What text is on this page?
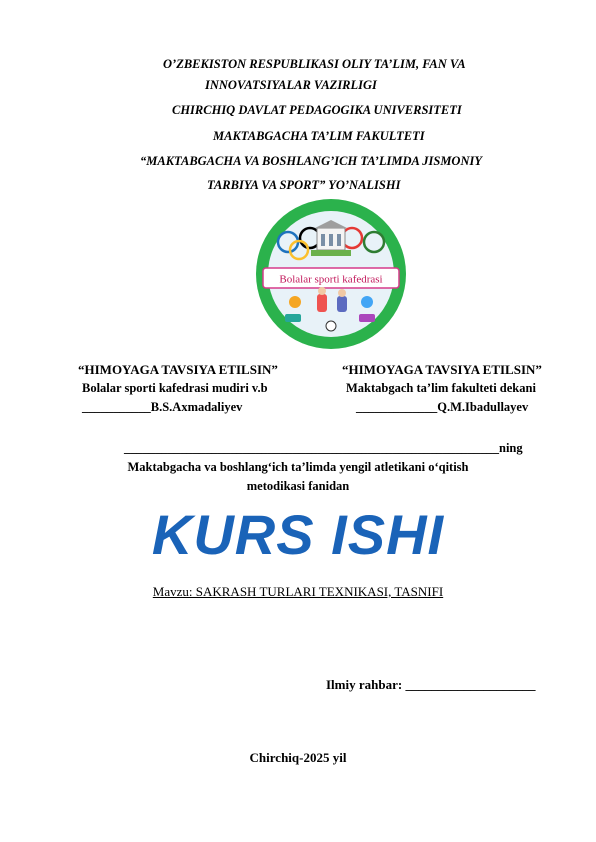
O’ZBEKISTON RESPUBLIKASI OLIY TA’LIM, FAN VA
INNOVATSIYALAR VAZIRLIGI
CHIRCHIQ DAVLAT PEDAGOGIKA UNIVERSITETI
MAKTABGACHA TA’LIM FAKULTETI
“MAKTABGACHA VA BOSHLANG’ICH TA’LIMDA JISMONIY
TARBIYA VA SPORT” YO’NALISHI
Bolalar sporti kafedrasi
“HIMOYAGA TAVSIYA ETILSIN”
Bolalar sporti kafedrasi mudiri v.b
___________B.S.Axmadaliyev
“HIMOYAGA TAVSIYA ETILSIN”
Maktabgach ta’lim fakulteti dekani
_____________Q.M.Ibadullayev
____________________________________________________________ning
Maktabgacha va boshlang‘ich ta’limda yengil atletikani o‘qitish
metodikasi fanidan
KURS ISHI
Mavzu: SAKRASH TURLARI TEXNIKASI, TASNIFI
Ilmiy rahbar: ____________________
Chirchiq-2025 yil
